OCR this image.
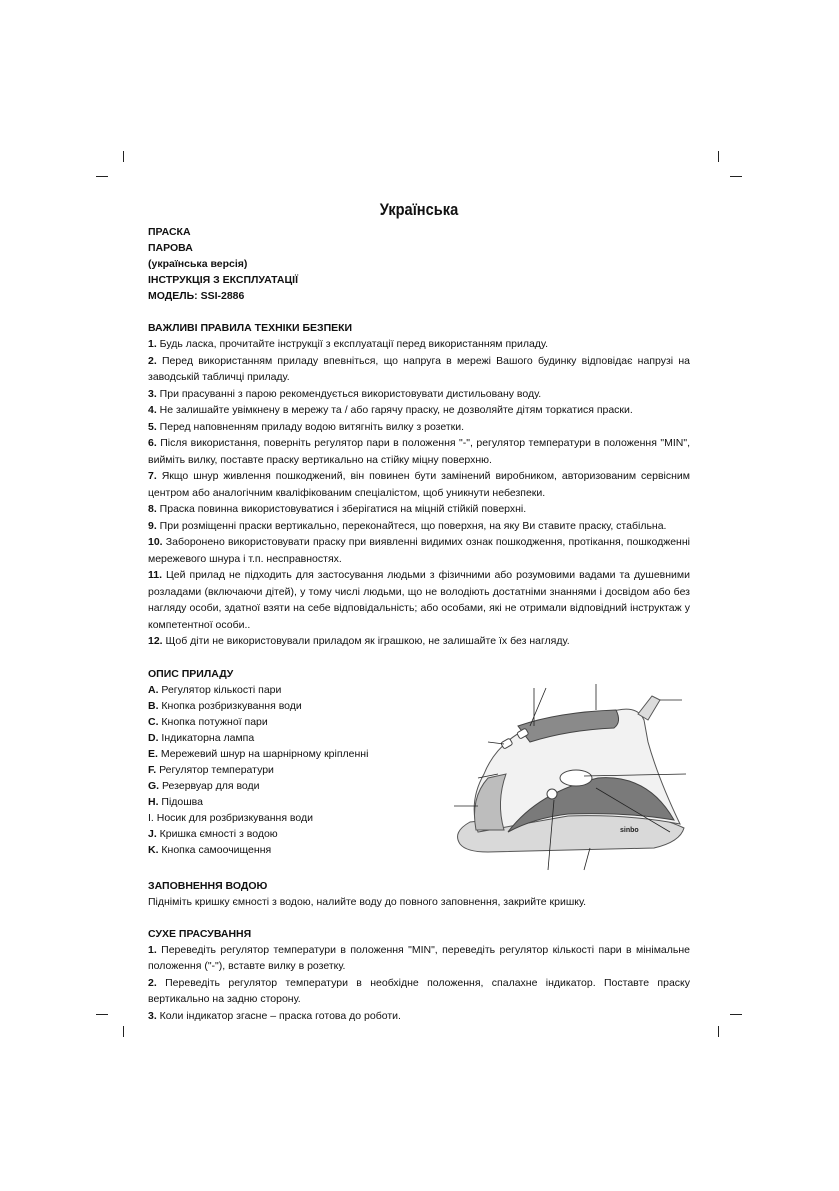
Українська
ПРАСКА
ПАРОВА
(українська версія)
ІНСТРУКЦІЯ З ЕКСПЛУАТАЦІЇ
МОДЕЛЬ: SSI-2886
ВАЖЛИВІ ПРАВИЛА ТЕХНІКИ БЕЗПЕКИ

1. Будь ласка, прочитайте інструкції з експлуатації перед використанням приладу.

2. Перед використанням приладу впевніться, що напруга в мережі Вашого будинку відповідає напрузі на заводській табличці приладу.

3. При прасуванні з парою рекомендується використовувати дистильовану воду.

4. Не залишайте увімкнену в мережу та / або гарячу праску, не дозволяйте дітям торкатися праски.

5. Перед наповненням приладу водою витягніть вилку з розетки.

6. Після використання, поверніть регулятор пари в положення "-", регулятор температури в положення "MIN", вийміть вилку, поставте праску вертикально на стійку міцну поверхню.

7. Якщо шнур живлення пошкоджений, він повинен бути замінений виробником, авторизованим сервісним центром або аналогічним кваліфікованим спеціалістом, щоб уникнути небезпеки.

8. Праска повинна використовуватися і зберігатися на міцній стійкій поверхні.

9. При розміщенні праски вертикально, переконайтеся, що поверхня, на яку Ви ставите праску, стабільна.

10. Заборонено використовувати праску при виявленні видимих ознак пошкодження, протікання, пошкодженні мережевого шнура і т.п. несправностях.

11. Цей прилад не підходить для застосування людьми з фізичними або розумовими вадами та душевними розладами (включаючи дітей), у тому числі людьми, що не володіють достатніми знаннями і досвідом або без нагляду особи, здатної взяти на себе відповідальність; або особами, які не отримали відповідний інструктаж у компетентної особи..

12. Щоб діти не використовували приладом як іграшкою, не залишайте їх без нагляду.

ОПИС ПРИЛАДУ
A. Регулятор кількості пари
B. Кнопка розбризкування води
C. Кнопка потужної пари
D. Індикаторна лампа
E. Мережевий шнур на шарнірному кріпленні
F. Регулятор температури
G. Резервуар для води
H. Підошва
I. Носик для розбризкування води
J. Кришка ємності з водою
K. Кнопка самоочищення
sinbo
ЗАПОВНЕННЯ ВОДОЮ
Підніміть кришку ємності з водою, налийте воду до повного заповнення, закрийте кришку.
СУХЕ ПРАСУВАННЯ

1. Переведіть регулятор температури в положення "MIN", переведіть регулятор кількості пари в мінімальне положення ("-"), вставте вилку в розетку.

2. Переведіть регулятор температури в необхідне положення, спалахне індикатор. Поставте праску вертикально на задню сторону.

3. Коли індикатор згасне – праска готова до роботи.
